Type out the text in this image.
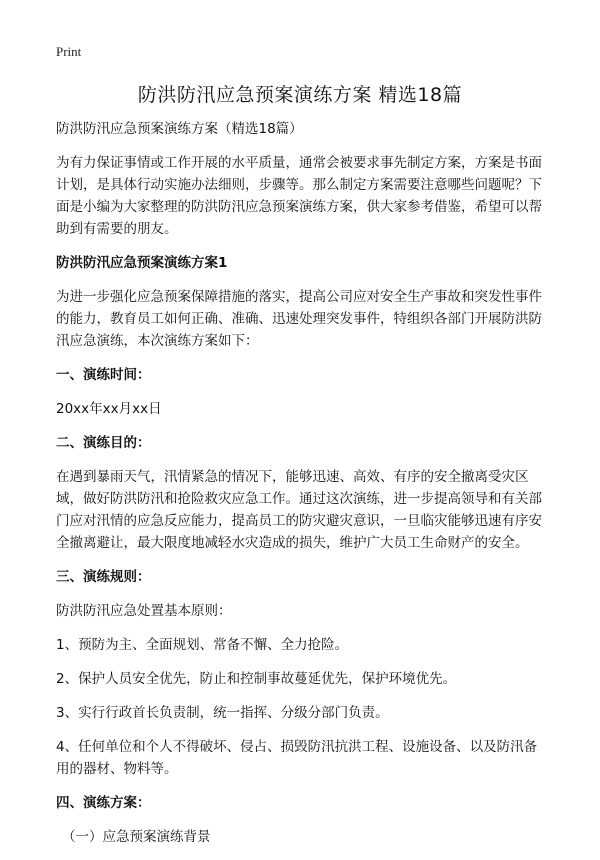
Print
防洪防汛应急预案演练方案 精选18篇

防洪防汛应急预案演练方案（精选18篇）

为有力保证事情或工作开展的水平质量，通常会被要求事先制定方案，方案是书面计划，是具体行动实施办法细则，步骤等。那么制定方案需要注意哪些问题呢？下面是小编为大家整理的防洪防汛应急预案演练方案，供大家参考借鉴，希望可以帮助到有需要的朋友。

防洪防汛应急预案演练方案1

为进一步强化应急预案保障措施的落实，提高公司应对安全生产事故和突发性事件的能力，教育员工如何正确、准确、迅速处理突发事件，特组织各部门开展防洪防汛应急演练，本次演练方案如下：

一、演练时间：

20xx年xx月xx日

二、演练目的：

在遇到暴雨天气，汛情紧急的情况下，能够迅速、高效、有序的安全撤离受灾区域，做好防洪防汛和抢险救灾应急工作。通过这次演练，进一步提高领导和有关部门应对汛情的应急反应能力，提高员工的防灾避灾意识，一旦临灾能够迅速有序安全撤离避让，最大限度地减轻水灾造成的损失，维护广大员工生命财产的安全。

三、演练规则：

防洪防汛应急处置基本原则：

1、预防为主、全面规划、常备不懈、全力抢险。

2、保护人员安全优先，防止和控制事故蔓延优先，保护环境优先。

3、实行行政首长负责制，统一指挥、分级分部门负责。

4、任何单位和个人不得破坏、侵占、损毁防汛抗洪工程、设施设备、以及防汛备用的器材、物料等。

四、演练方案：

（一）应急预案演练背景
